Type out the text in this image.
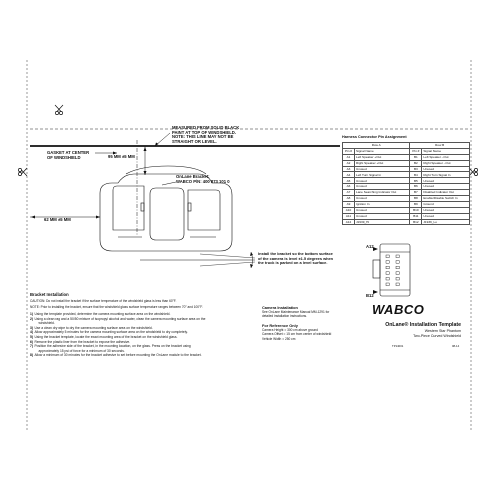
MEASURED FROM SOLID BLACK
PAINT AT TOP OF WINDSHIELD.
NOTE: THIS LINE MAY NOT BE
STRAIGHT OR LEVEL.
GASKET AT CENTER
OF WINDSHIELD	95 MM ±5 MM
OnLane Bracket:
WABCO P/N: 400 873 101 0
62 MM ±5 MM
Install the bracket so the bottom surface
of the camera is level ±1.5 degrees when
the truck is parked on a level surface.
Harness Connector Pin Assignment
Row A		Row B	
Pin #	Signal Name	Pin #	Signal Name
A1	Left Speaker +Out	B1	Left Speaker –Out
A2	Right Speaker +Out	B2	Right Speaker –Out
A3	Unused	B3	Unused
A4	Left Turn Signal In	B4	Right Turn Signal In
A5	Unused	B5	Unused
A6	Unused	B6	Unused
A7	Lane Searching Indicator Out	B7	Disabled Indicator Out
A8	Unused	B8	Enable/Disable Switch In
A9	Ignition In	B9	Ground
A10	Unused	B10	Unused
A11	Unused	B11	Unused
A12	J1939_Hi	B12	J1939_Lo
A12
B12
Bracket Installation
CAUTION: Do not install the bracket if the surface temperature of the windshield glass is less than 60°F.
NOTE: Prior to installing the bracket, ensure that the windshield glass surface temperature ranges between 70° and 100°F.
1) Using the template provided, determine the camera mounting surface area on the windshield.
2) Using a clean rag and a 50/50 mixture of isopropyl alcohol and water, clean the camera mounting surface area on the
windshield.
3) Use a clean dry wipe to dry the camera mounting surface area on the windshield.
4) Allow approximately 5 minutes for the camera mounting surface area on the windshield to dry completely.
5) Using the bracket template, locate the exact mounting area of the bracket on the windshield glass.
6) Remove the plastic liner from the bracket to expose the adhesive.
7) Position the adhesive side of the bracket, in the mounting location, on the glass. Press on the bracket using
approximately 15 psi of force for a minimum of 30 seconds.
8) Allow a minimum of 30 minutes for the bracket adhesive to set before mounting the OnLane module to the bracket.
Camera Installation
See OnLane Maintenance Manual MM-1291 for
detailed installation instructions.
For Reference Only
Camera Height = 300 cm above ground
Camera Offset = 15 cm from center of windshield
Vehicle Width = 250 cm
WABCO
OnLane® Installation Template
Western Star Phantom
Two-Piece Curved Windshield
TP14001	08-14
